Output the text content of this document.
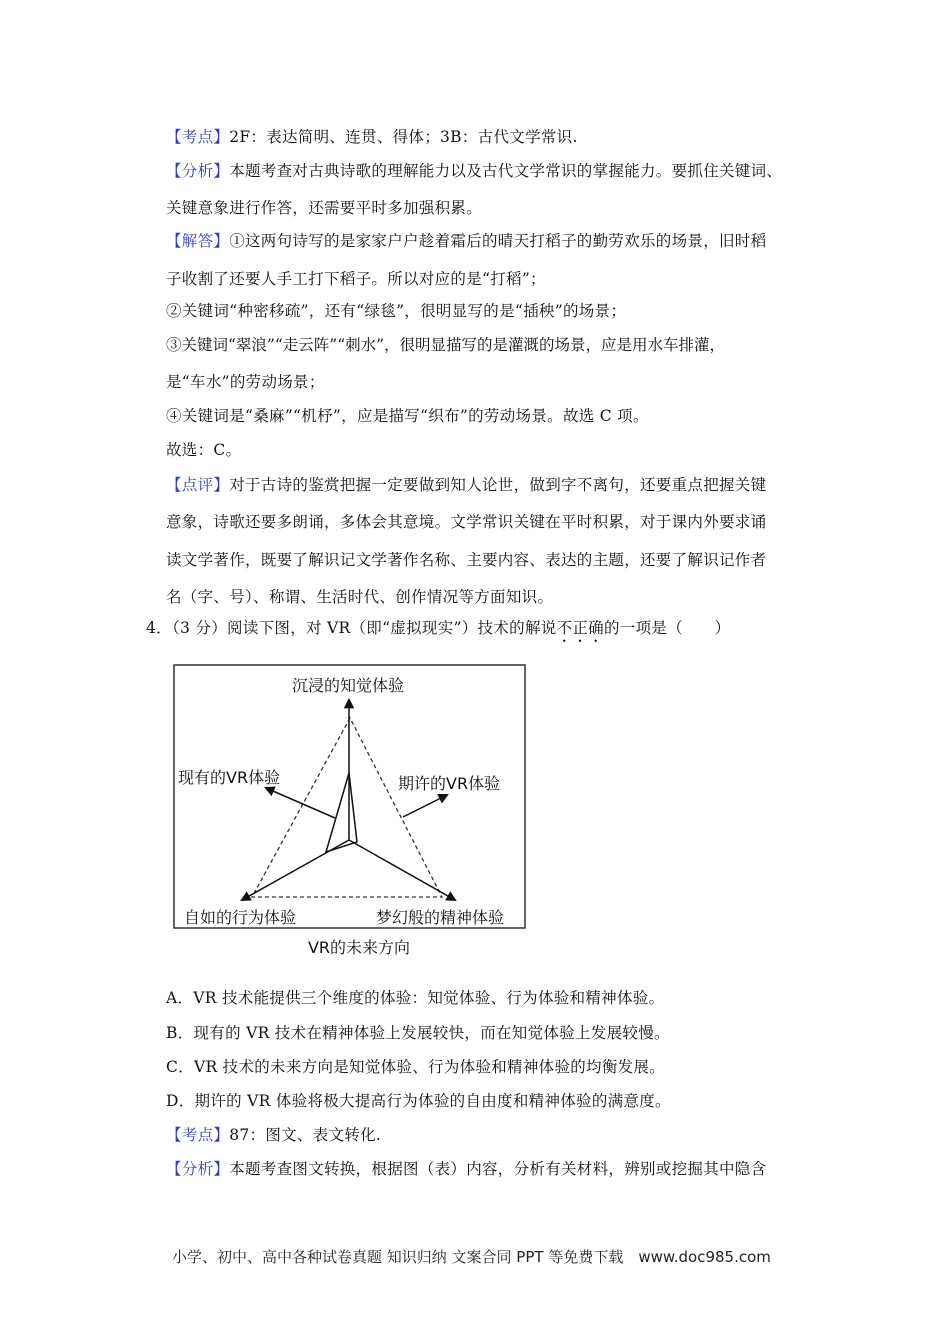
【考点】2F：表达简明、连贯、得体；3B：古代文学常识.
【分析】本题考查对古典诗歌的理解能力以及古代文学常识的掌握能力。要抓住关键词、
关键意象进行作答，还需要平时多加强积累。
【解答】①这两句诗写的是家家户户趁着霜后的晴天打稻子的勤劳欢乐的场景，旧时稻
子收割了还要人手工打下稻子。所以对应的是“打稻”；
②关键词“种密移疏”，还有“绿毯”，很明显写的是“插秧”的场景；
③关键词“翠浪”“走云阵”“刺水”，很明显描写的是灌溉的场景，应是用水车排灌，
是“车水”的劳动场景；
④关键词是“桑麻”“机杼”，应是描写“织布”的劳动场景。故选 C 项。
故选：C。
【点评】对于古诗的鉴赏把握一定要做到知人论世，做到字不离句，还要重点把握关键
意象，诗歌还要多朗诵，多体会其意境。文学常识关键在平时积累，对于课内外要求诵
读文学著作，既要了解识记文学著作名称、主要内容、表达的主题，还要了解识记作者
名（字、号）、称谓、生活时代、创作情况等方面知识。
4．（3 分）阅读下图，对 VR（即“虚拟现实”）技术的解说不正确的一项是（　　）
沉浸的知觉体验
现有的VR体验	期许的VR体验
自如的行为体验	梦幻般的精神体验
VR的未来方向
A．VR 技术能提供三个维度的体验：知觉体验、行为体验和精神体验。
B．现有的 VR 技术在精神体验上发展较快，而在知觉体验上发展较慢。
C．VR 技术的未来方向是知觉体验、行为体验和精神体验的均衡发展。
D．期许的 VR 体验将极大提高行为体验的自由度和精神体验的满意度。
【考点】87：图文、表文转化.
【分析】本题考查图文转换，根据图（表）内容，分析有关材料，辨别或挖掘其中隐含
小学、初中、高中各种试卷真题 知识归纳 文案合同 PPT 等免费下载　www.doc985.com
